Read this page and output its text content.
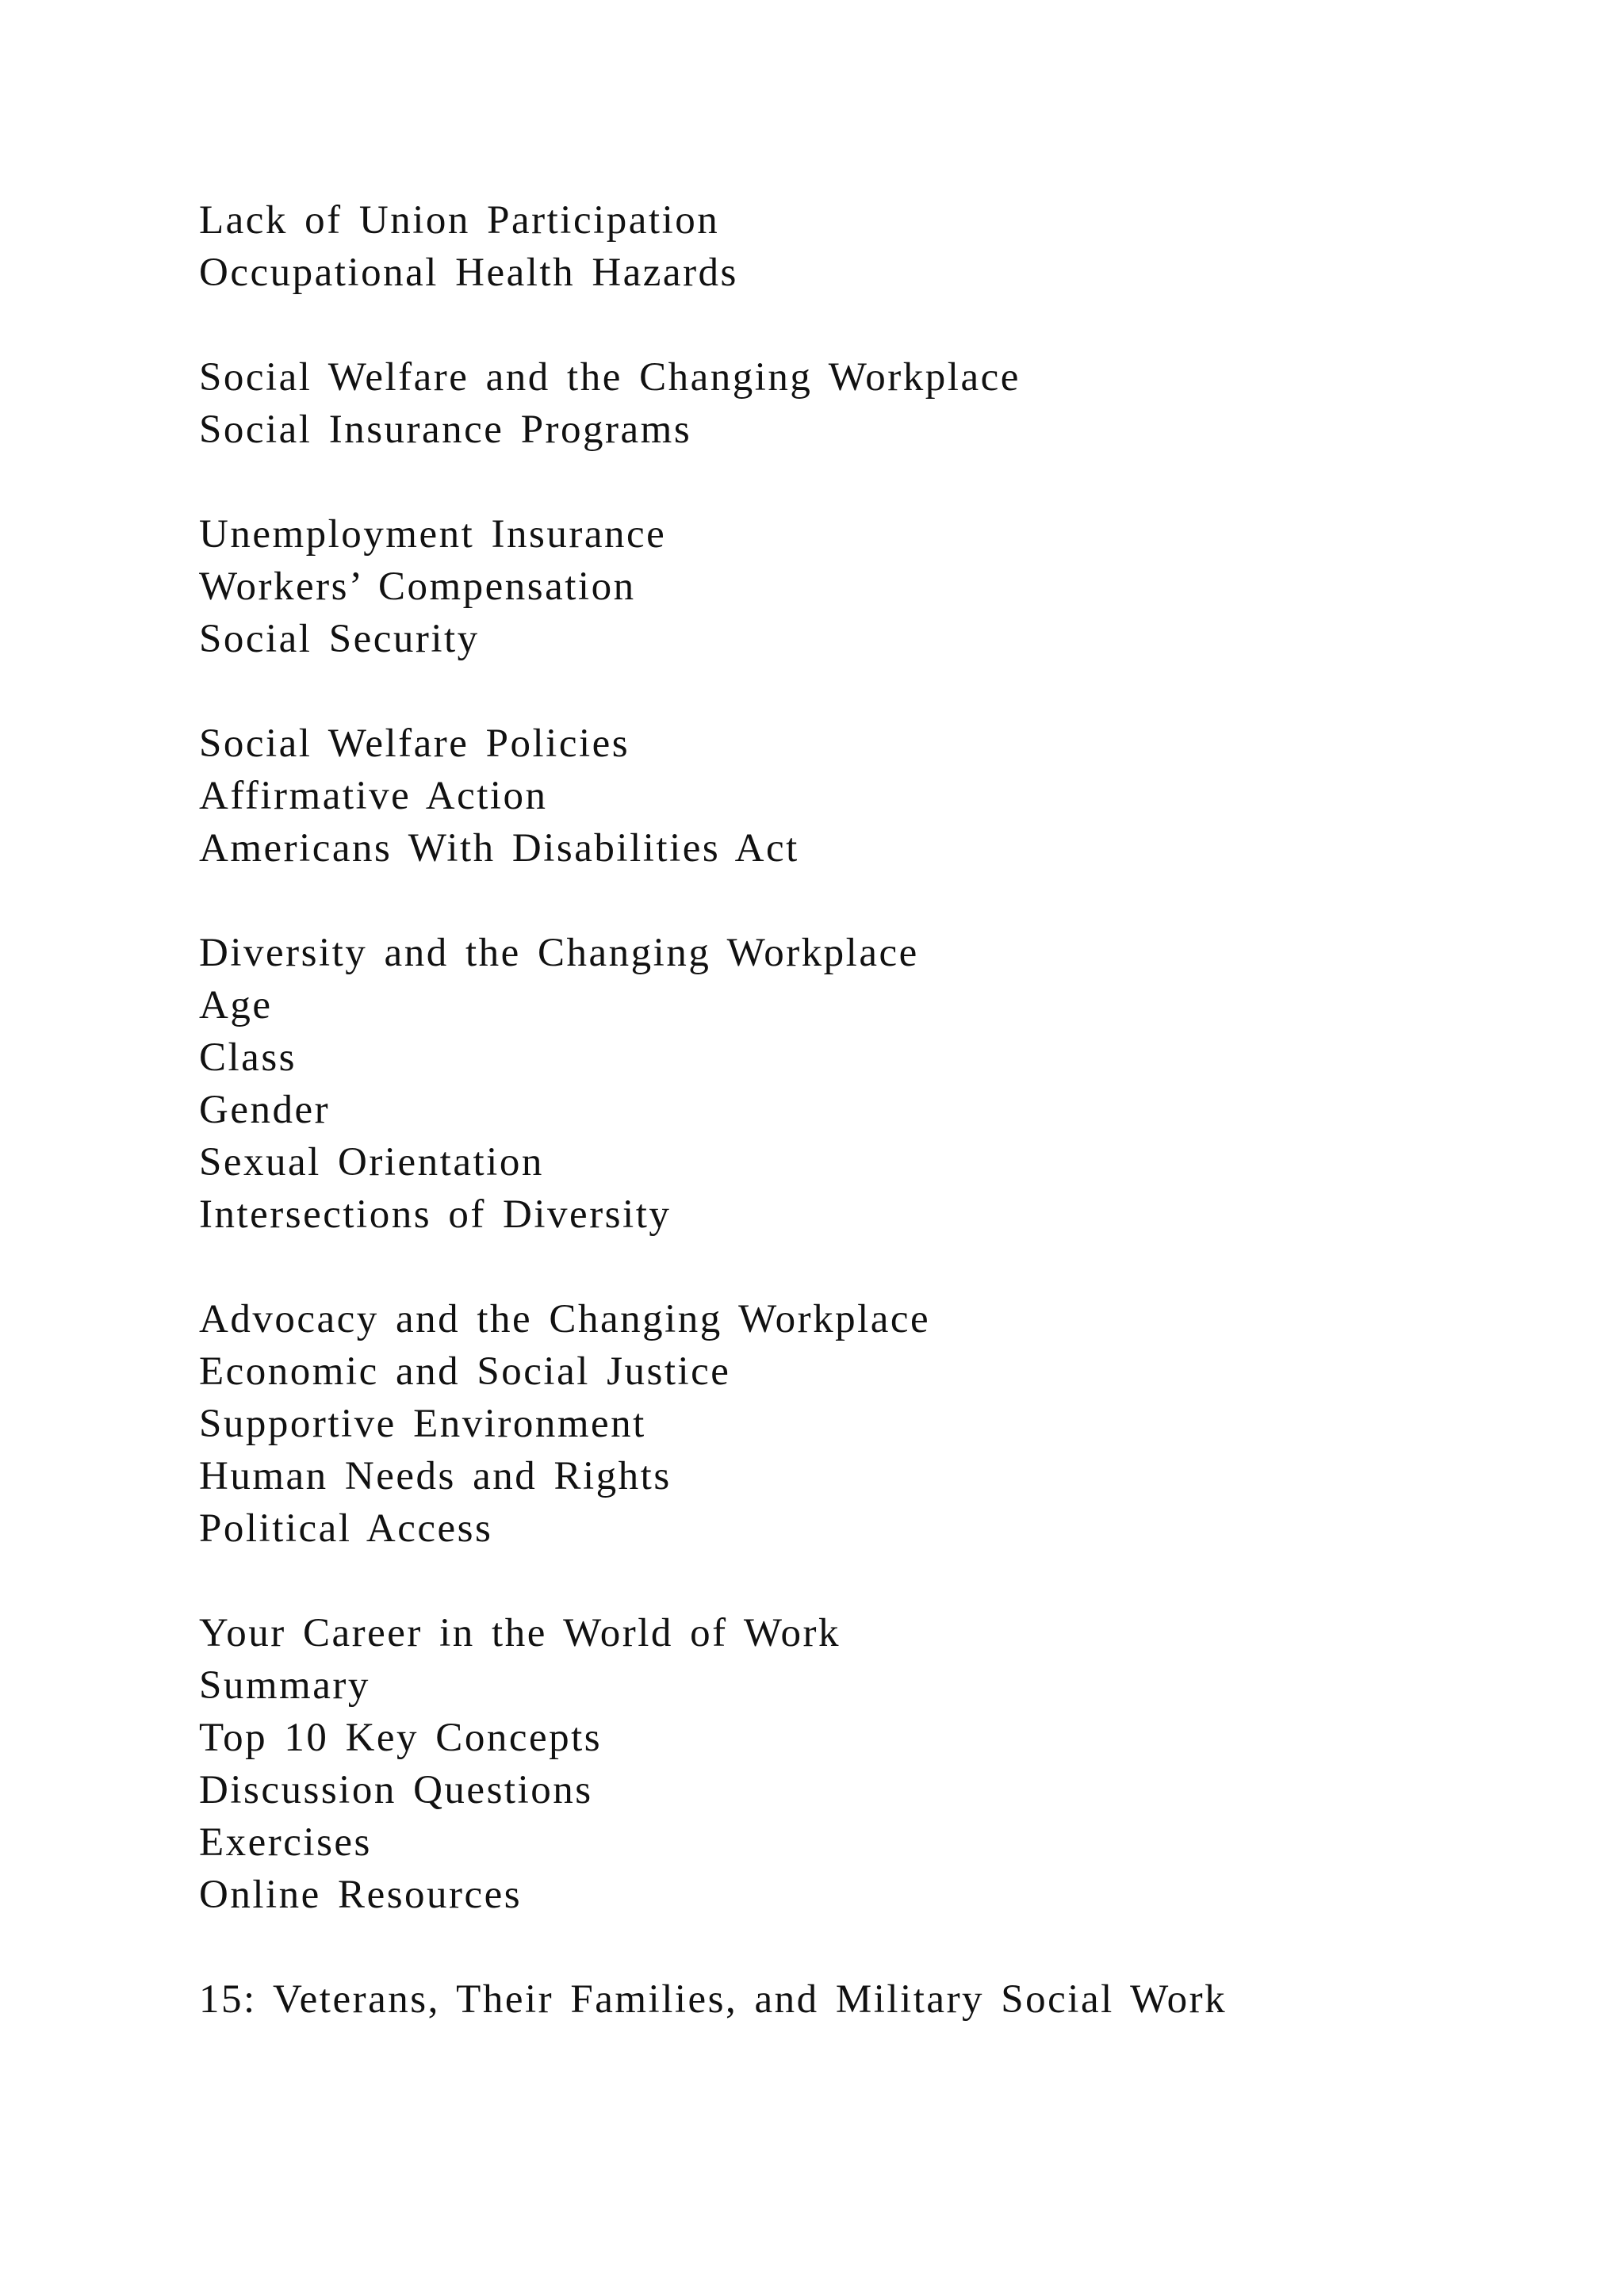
Lack of Union Participation
Occupational Health Hazards
Social Welfare and the Changing Workplace
Social Insurance Programs
Unemployment Insurance
Workers’ Compensation
Social Security
Social Welfare Policies
Affirmative Action
Americans With Disabilities Act
Diversity and the Changing Workplace
Age
Class
Gender
Sexual Orientation
Intersections of Diversity
Advocacy and the Changing Workplace
Economic and Social Justice
Supportive Environment
Human Needs and Rights
Political Access
Your Career in the World of Work
Summary
Top 10 Key Concepts
Discussion Questions
Exercises
Online Resources
15: Veterans, Their Families, and Military Social Work
